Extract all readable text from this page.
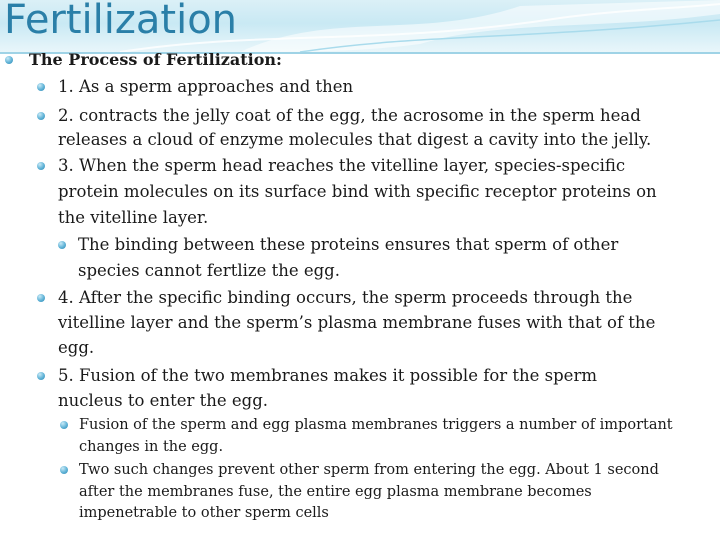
Fertilization
The Process of Fertilization:
1. As a sperm approaches and then
2. contracts the jelly coat of the egg, the acrosome in the sperm head
releases a cloud of enzyme molecules that digest a cavity into the jelly.
3. When the sperm head reaches the vitelline layer, species-specific
protein molecules on its surface bind with specific receptor proteins on
the vitelline layer.
The binding between these proteins ensures that sperm of other
species cannot fertlize the egg.
4. After the specific binding occurs, the sperm proceeds through the
vitelline layer and the sperm’s plasma membrane fuses with that of the
egg.
5. Fusion of the two membranes makes it possible for the sperm
nucleus to enter the egg.
Fusion of the sperm and egg plasma membranes triggers a number of important
changes in the egg.
Two such changes prevent other sperm from entering the egg. About 1 second
after the membranes fuse, the entire egg plasma membrane becomes
impenetrable to other sperm cells
